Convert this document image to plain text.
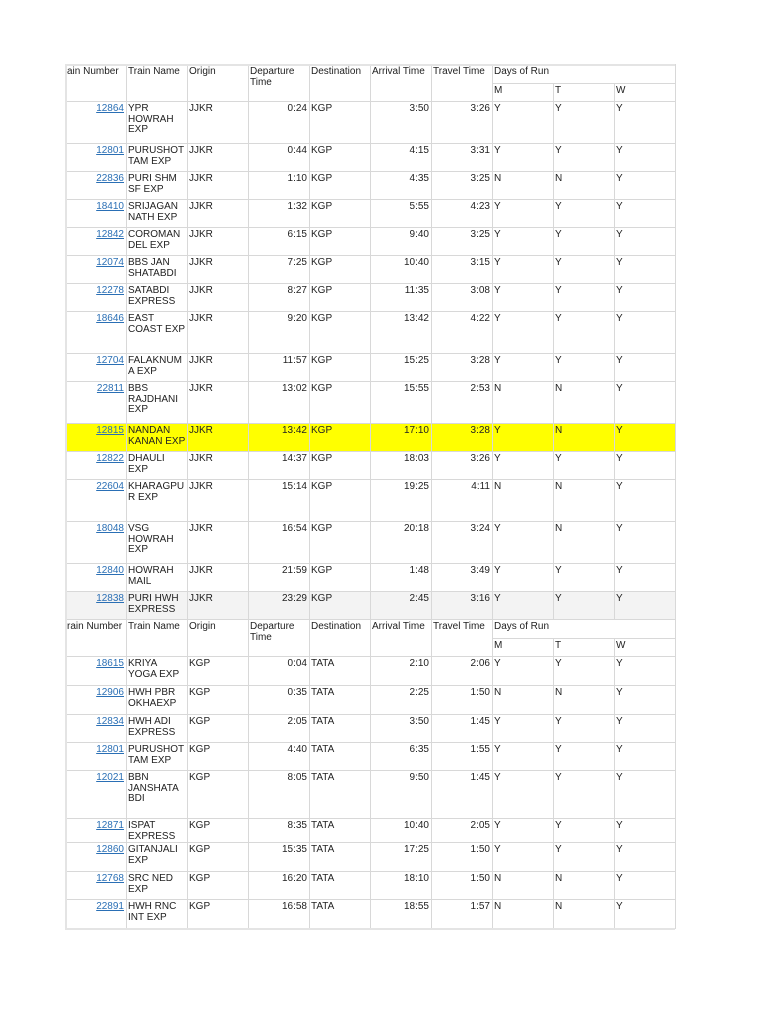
ain Number	Train Name	Origin	Departure Time	Destination	Arrival Time	Travel Time	Days of Run		
							M	T	W
12864	YPR HOWRAH EXP	JJKR	0:24	KGP	3:50	3:26	Y	Y	Y
12801	PURUSHOT TAM EXP	JJKR	0:44	KGP	4:15	3:31	Y	Y	Y
22836	PURI SHM SF EXP	JJKR	1:10	KGP	4:35	3:25	N	N	Y
18410	SRIJAGAN NATH EXP	JJKR	1:32	KGP	5:55	4:23	Y	Y	Y
12842	COROMAN DEL EXP	JJKR	6:15	KGP	9:40	3:25	Y	Y	Y
12074	BBS JAN SHATABDI	JJKR	7:25	KGP	10:40	3:15	Y	Y	Y
12278	SATABDI EXPRESS	JJKR	8:27	KGP	11:35	3:08	Y	Y	Y
18646	EAST COAST EXP	JJKR	9:20	KGP	13:42	4:22	Y	Y	Y
12704	FALAKNUM A EXP	JJKR	11:57	KGP	15:25	3:28	Y	Y	Y
22811	BBS RAJDHANI EXP	JJKR	13:02	KGP	15:55	2:53	N	N	Y
12815	NANDAN KANAN EXP	JJKR	13:42	KGP	17:10	3:28	Y	N	Y
12822	DHAULI EXP	JJKR	14:37	KGP	18:03	3:26	Y	Y	Y
22604	KHARAGPU R EXP	JJKR	15:14	KGP	19:25	4:11	N	N	Y
18048	VSG HOWRAH EXP	JJKR	16:54	KGP	20:18	3:24	Y	N	Y
12840	HOWRAH MAIL	JJKR	21:59	KGP	1:48	3:49	Y	Y	Y
12838	PURI HWH EXPRESS	JJKR	23:29	KGP	2:45	3:16	Y	Y	Y
rain Number	Train Name	Origin	Departure Time	Destination	Arrival Time	Travel Time	Days of Run		
							M	T	W
18615	KRIYA YOGA EXP	KGP	0:04	TATA	2:10	2:06	Y	Y	Y
12906	HWH PBR OKHAEXP	KGP	0:35	TATA	2:25	1:50	N	N	Y
12834	HWH ADI EXPRESS	KGP	2:05	TATA	3:50	1:45	Y	Y	Y
12801	PURUSHOT TAM EXP	KGP	4:40	TATA	6:35	1:55	Y	Y	Y
12021	BBN JANSHATA BDI	KGP	8:05	TATA	9:50	1:45	Y	Y	Y
12871	ISPAT EXPRESS	KGP	8:35	TATA	10:40	2:05	Y	Y	Y
12860	GITANJALI EXP	KGP	15:35	TATA	17:25	1:50	Y	Y	Y
12768	SRC NED EXP	KGP	16:20	TATA	18:10	1:50	N	N	Y
22891	HWH RNC INT EXP	KGP	16:58	TATA	18:55	1:57	N	N	Y
